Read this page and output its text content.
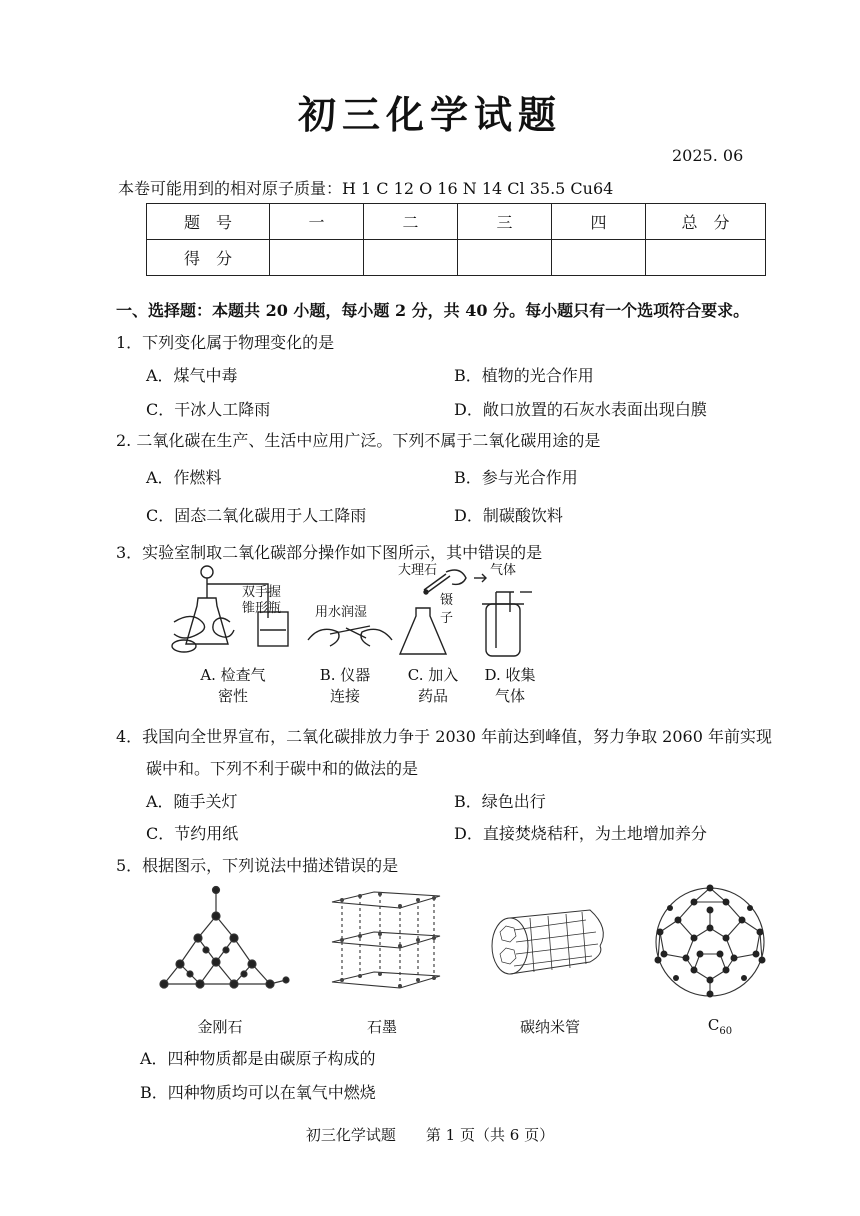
初三化学试题
2025. 06
本卷可能用到的相对原子质量：H 1 C 12 O 16 N 14 Cl 35.5 Cu64
题　号	一	二	三	四	总　分
得　分					
一、选择题：本题共 20 小题，每小题 2 分，共 40 分。每小题只有一个选项符合要求。
1．下列变化属于物理变化的是
A．煤气中毒	B．植物的光合作用
C．干冰人工降雨	D．敞口放置的石灰水表面出现白膜
2. 二氧化碳在生产、生活中应用广泛。下列不属于二氧化碳用途的是
A．作燃料	B．参与光合作用
C．固态二氧化碳用于人工降雨	D．制碳酸饮料
3．实验室制取二氧化碳部分操作如下图所示，其中错误的是
双手握
锥形瓶	用水润湿
大理石	气体
镊
子
A. 检查气
密性
B. 仪器
连接
C. 加入
药品
D. 收集
气体
4．我国向全世界宣布，二氧化碳排放力争于 2030 年前达到峰值，努力争取 2060 年前实现
碳中和。下列不利于碳中和的做法的是
A．随手关灯	B．绿色出行
C．节约用纸	D．直接焚烧秸秆，为土地增加养分
5．根据图示，下列说法中描述错误的是
金刚石	石墨	碳纳米管	$C_{60}$
A．四种物质都是由碳原子构成的
B．四种物质均可以在氧气中燃烧
初三化学试题　　第 1 页（共 6 页）
